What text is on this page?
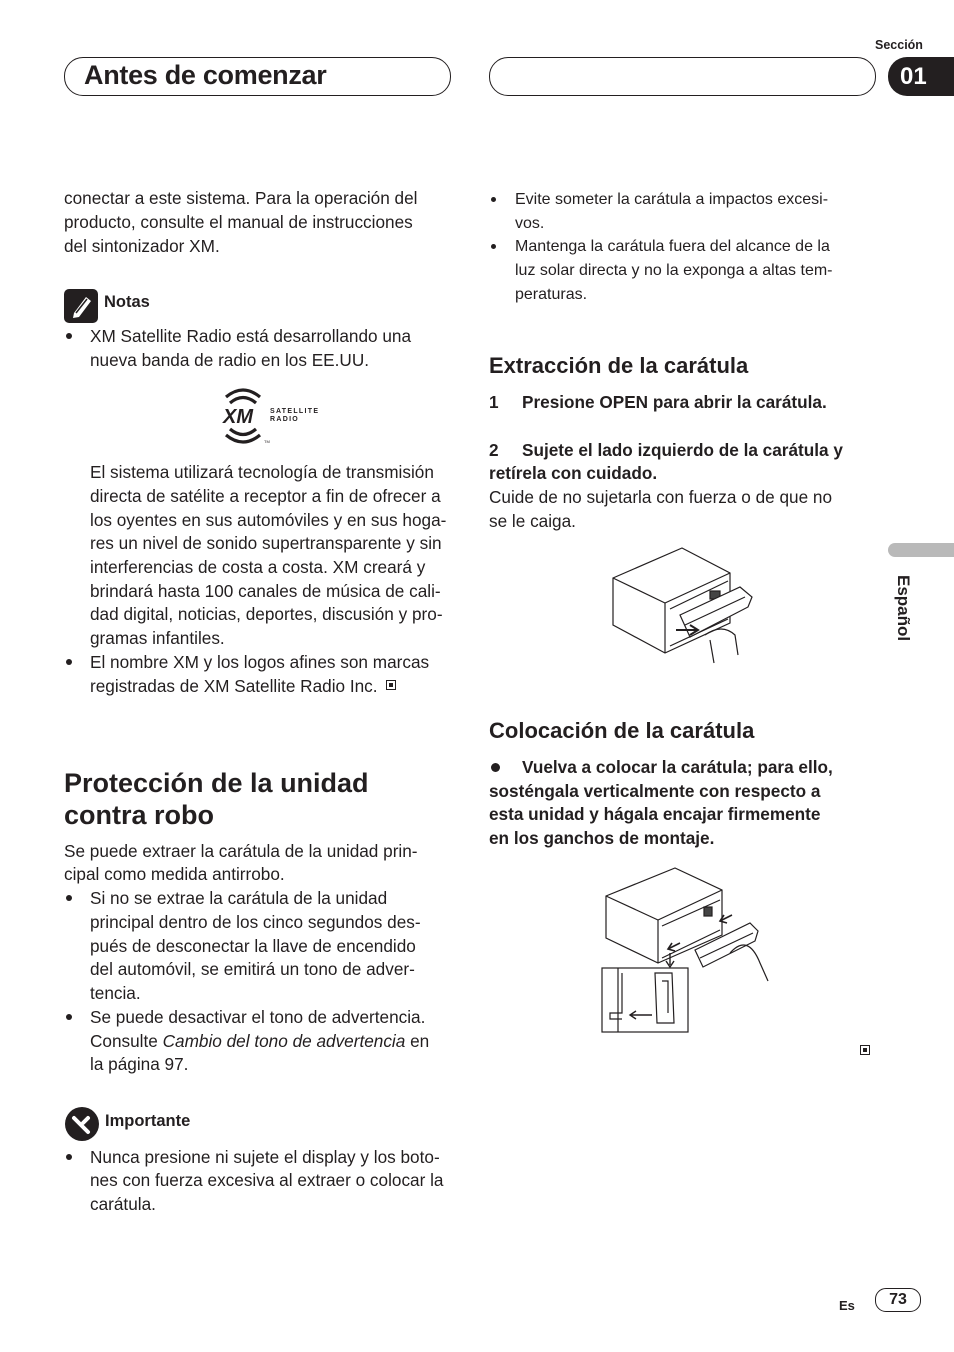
Antes de comenzar
Sección
01
conectar a este sistema. Para la operación del
producto, consulte el manual de instrucciones
del sintonizador XM.
Notas
XM Satellite Radio está desarrollando una
nueva banda de radio en los EE.UU.
XM
TM
SATELLITE
RADIO
El sistema utilizará tecnología de transmisión
directa de satélite a receptor a fin de ofrecer a
los oyentes en sus automóviles y en sus hoga-
res un nivel de sonido supertransparente y sin
interferencias de costa a costa. XM creará y
brindará hasta 100 canales de música de cali-
dad digital, noticias, deportes, discusión y pro-
gramas infantiles.
El nombre XM y los logos afines son marcas
registradas de XM Satellite Radio Inc.
Protección de la unidad
contra robo
Se puede extraer la carátula de la unidad prin-
cipal como medida antirrobo.
Si no se extrae la carátula de la unidad
principal dentro de los cinco segundos des-
pués de desconectar la llave de encendido
del automóvil, se emitirá un tono de adver-
tencia.
Se puede desactivar el tono de advertencia.
Consulte Cambio del tono de advertencia en
la página 97.
Importante
Nunca presione ni sujete el display y los boto-
nes con fuerza excesiva al extraer o colocar la
carátula.
Evite someter la carátula a impactos excesi-
vos.
Mantenga la carátula fuera del alcance de la
luz solar directa y no la exponga a altas tem-
peraturas.
Extracción de la carátula
1 Presione OPEN para abrir la carátula.
2 Sujete el lado izquierdo de la carátula y
retírela con cuidado.
Cuide de no sujetarla con fuerza o de que no
se le caiga.
Colocación de la carátula
Vuelva a colocar la carátula; para ello,
sosténgala verticalmente con respecto a
esta unidad y hágala encajar firmemente
en los ganchos de montaje.
Español
Es	73
